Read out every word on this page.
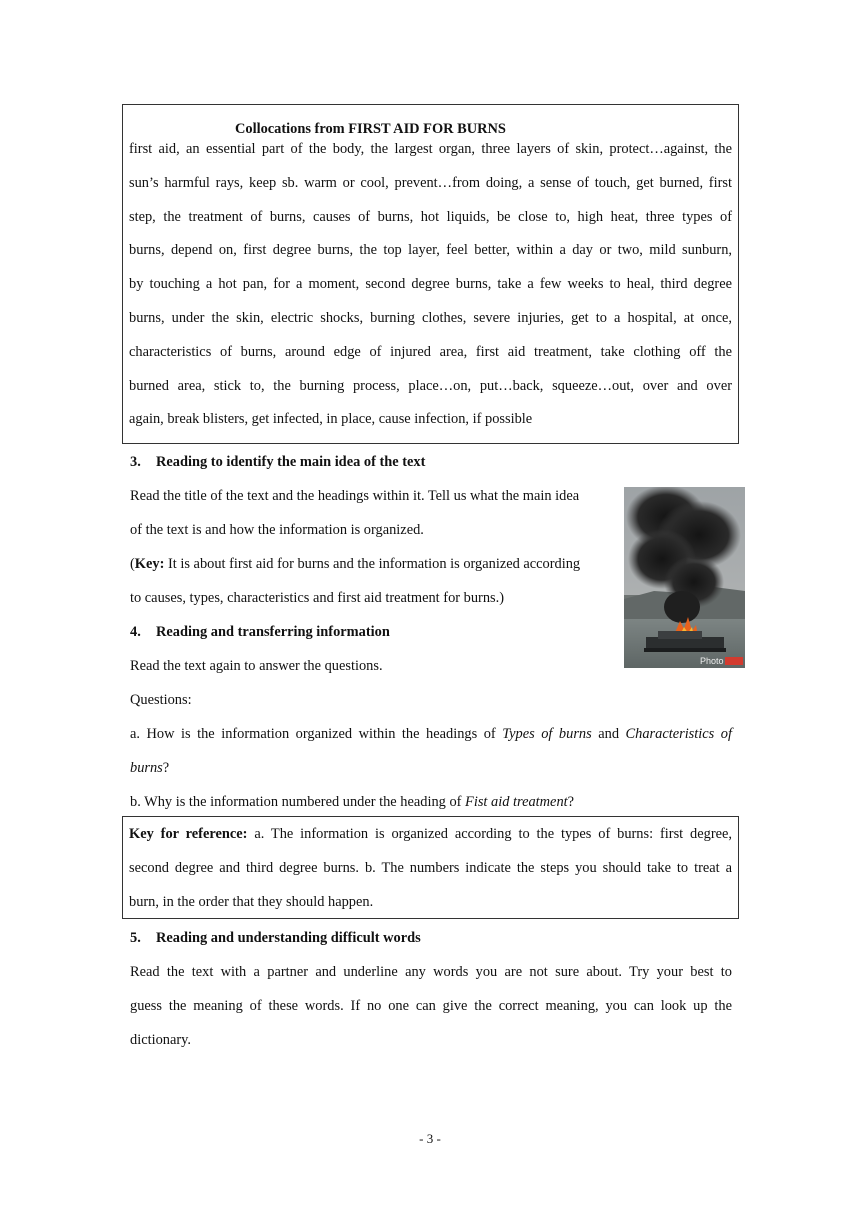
Collocations from FIRST AID FOR BURNS

first aid, an essential part of the body, the largest organ, three layers of skin, protect…against, the

sun’s harmful rays, keep sb. warm or cool, prevent…from doing, a sense of touch, get burned, first

step, the treatment of burns, causes of burns, hot liquids, be close to, high heat, three types of

burns, depend on, first degree burns, the top layer, feel better, within a day or two, mild sunburn,

by touching a hot pan, for a moment, second degree burns, take a few weeks to heal, third degree

burns, under the skin, electric shocks, burning clothes, severe injuries, get to a hospital, at once,

characteristics of burns, around edge of injured area, first aid treatment, take clothing off the

burned area, stick to, the burning process, place…on, put…back, squeeze…out, over and over

again, break blisters, get infected, in place, cause infection, if possible

3. Reading to identify the main idea of the text

Read the title of the text and the headings within it. Tell us what the main idea

of the text is and how the information is organized.

(Key: It is about first aid for burns and the information is organized according

to causes, types, characteristics and first aid treatment for burns.)

Photo

4. Reading and transferring information

Read the text again to answer the questions.

Questions:

a. How is the information organized within the headings of Types of burns and Characteristics of

burns?

b. Why is the information numbered under the heading of Fist aid treatment?

Key for reference: a. The information is organized according to the types of burns: first degree,

second degree and third degree burns. b. The numbers indicate the steps you should take to treat a

burn, in the order that they should happen.

5. Reading and understanding difficult words

Read the text with a partner and underline any words you are not sure about. Try your best to

guess the meaning of these words. If no one can give the correct meaning, you can look up the

dictionary.

- 3 -
